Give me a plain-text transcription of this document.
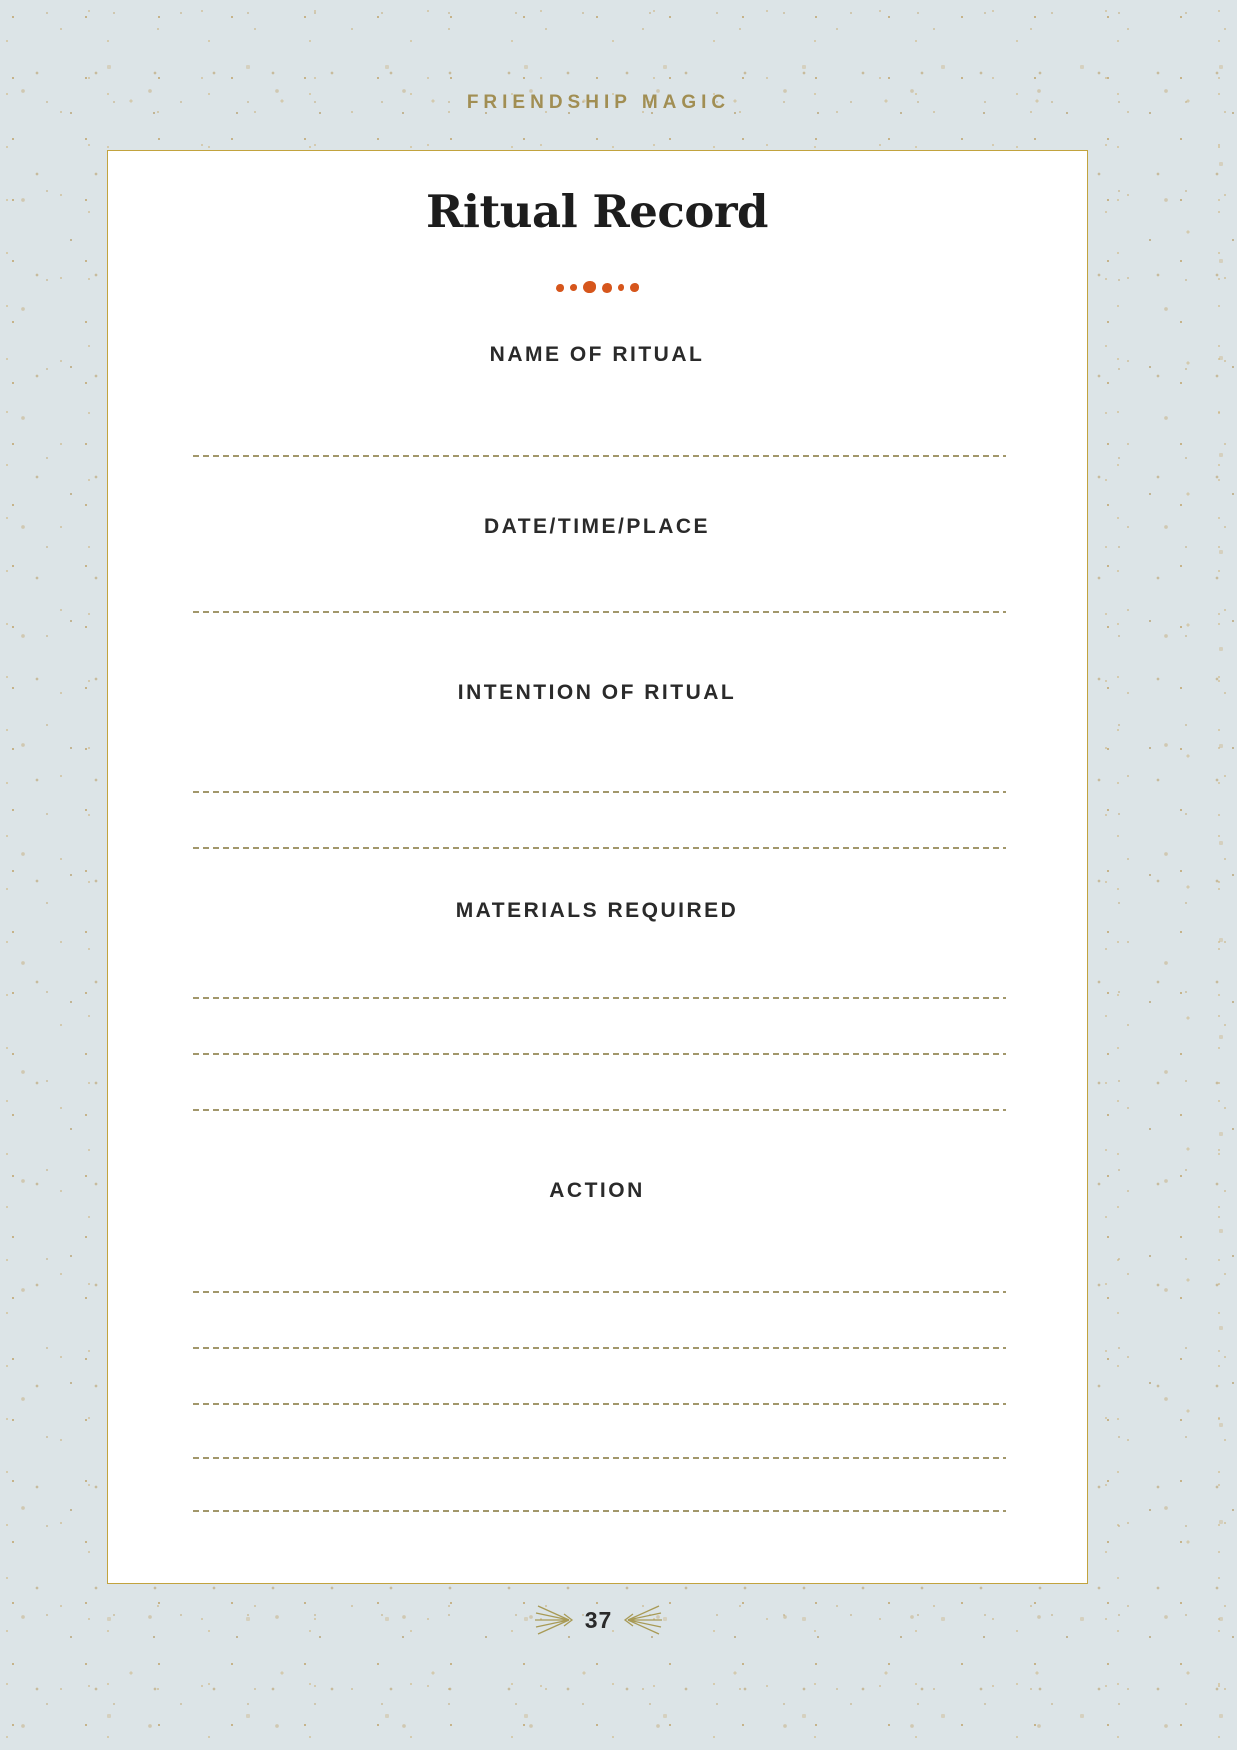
FRIENDSHIP MAGIC
Ritual Record
NAME OF RITUAL
DATE/TIME/PLACE
INTENTION OF RITUAL
MATERIALS REQUIRED
ACTION
37
